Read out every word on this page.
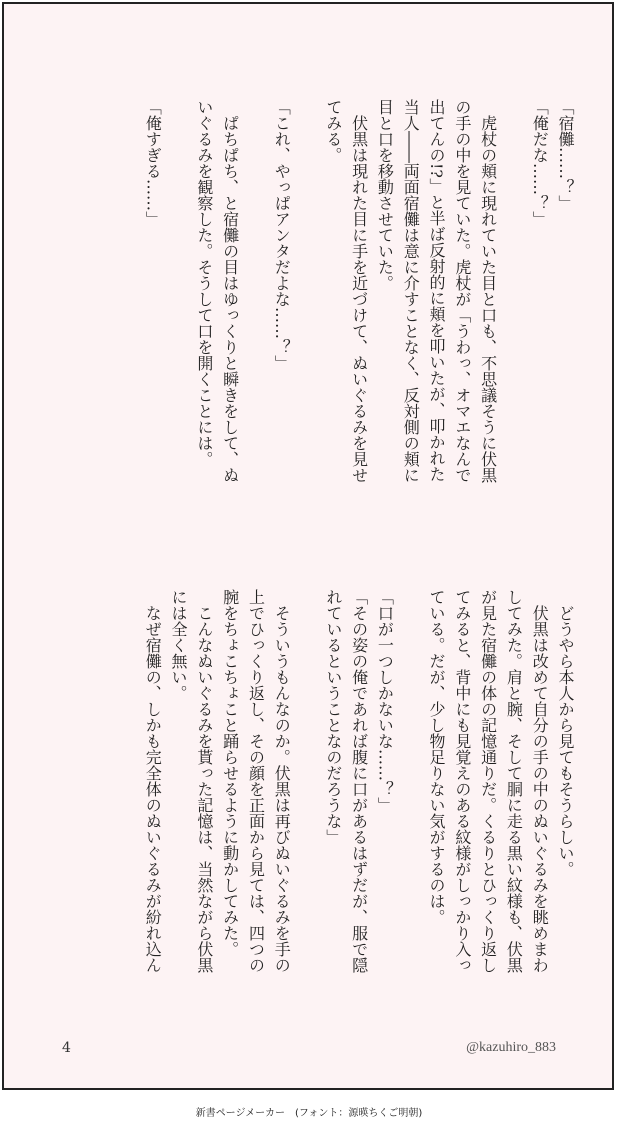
「宿儺……？」
「俺だな……？」
　虎杖の頬に現れていた目と口も、不思議そうに伏黒
の手の中を見ていた。虎杖が「うわっ、オマエなんで
出てんの!?」と半ば反射的に頬を叩いたが、叩かれた
当人――両面宿儺は意に介すことなく、反対側の頬に
目と口を移動させていた。
　伏黒は現れた目に手を近づけて、ぬいぐるみを見せ
てみる。
「これ、やっぱアンタだよな……？」
　ぱちぱち、と宿儺の目はゆっくりと瞬きをして、ぬ
いぐるみを観察した。そうして口を開くことには。
「俺すぎる……」
　どうやら本人から見てもそうらしい。
　伏黒は改めて自分の手の中のぬいぐるみを眺めまわ
してみた。肩と腕、そして胴に走る黒い紋様も、伏黒
が見た宿儺の体の記憶通りだ。くるりとひっくり返し
てみると、背中にも見覚えのある紋様がしっかり入っ
ている。だが、少し物足りない気がするのは。
「口が一つしかないな……？」
「その姿の俺であれば腹に口があるはずだが、服で隠
れているということなのだろうな」
　そういうもんなのか。伏黒は再びぬいぐるみを手の
上でひっくり返し、その顔を正面から見ては、四つの
腕をちょこちょこと踊らせるように動かしてみた。
　こんなぬいぐるみを貰った記憶は、当然ながら伏黒
には全く無い。
　なぜ宿儺の、しかも完全体のぬいぐるみが紛れ込ん
4	@kazuhiro_883
新書ページメーカー　(フォント：源暎ちくご明朝)
